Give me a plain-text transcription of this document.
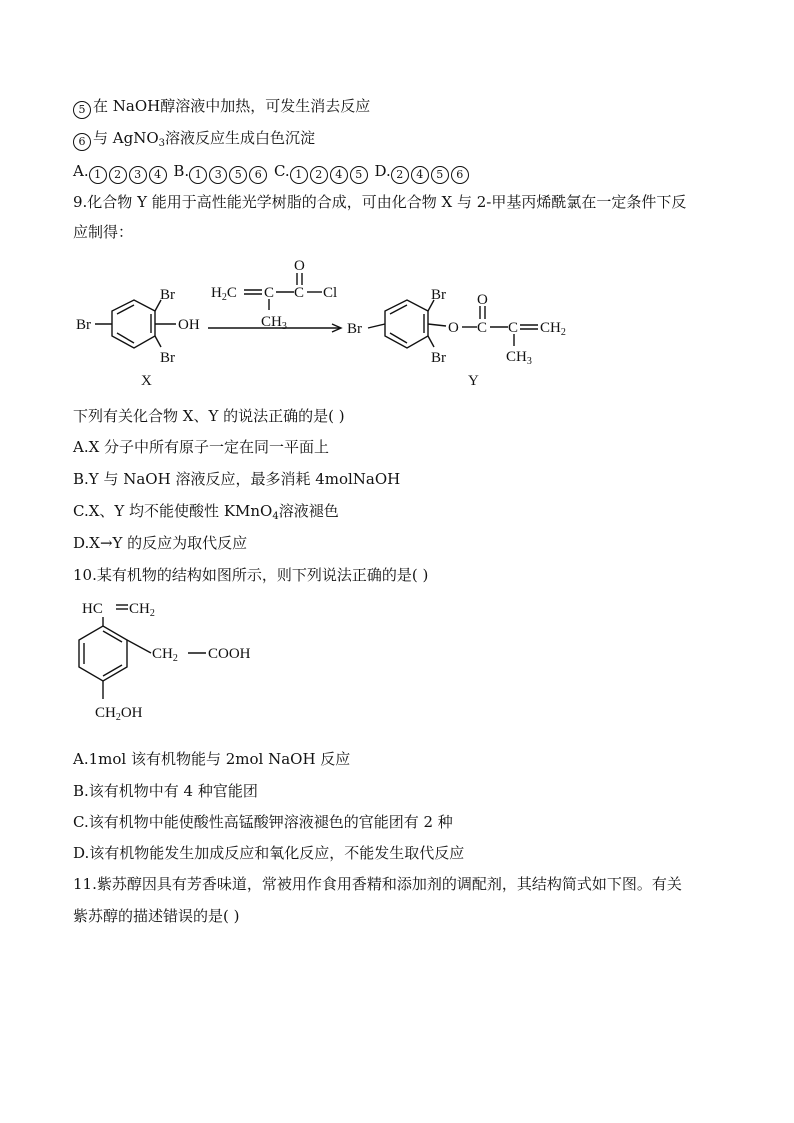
5 在 NaOH醇溶液中加热，可发生消去反应
6 与 AgNO$_3$溶液反应生成白色沉淀
A. 1 2 3 4 B. 1 3 5 6 C. 1 2 4 5 D. 2 4 5 6
9.化合物 Y 能用于高性能光学树脂的合成，可由化合物 X 与 2-甲基丙烯酰氯在一定条件下反
应制得：
Br
Br
Br
OH
X
$H_2C$ C C
O
Cl
$CH_3$	Br
Br
Br
O C
O
C $CH_2$
$CH_3$
Y
下列有关化合物 X、Y 的说法正确的是( )
A.X 分子中所有原子一定在同一平面上
B.Y 与 NaOH 溶液反应，最多消耗 4molNaOH
C.X、Y 均不能使酸性 KMnO$_4$溶液褪色
D.X→Y 的反应为取代反应
10.某有机物的结构如图所示，则下列说法正确的是( )
HC $CH_2$
$CH_2$ COOH
$CH_2OH$
A.1mol 该有机物能与 2mol NaOH 反应
B.该有机物中有 4 种官能团
C.该有机物中能使酸性高锰酸钾溶液褪色的官能团有 2 种
D.该有机物能发生加成反应和氧化反应，不能发生取代反应
11.紫苏醇因具有芳香味道，常被用作食用香精和添加剂的调配剂，其结构简式如下图。有关
紫苏醇的描述错误的是( )
